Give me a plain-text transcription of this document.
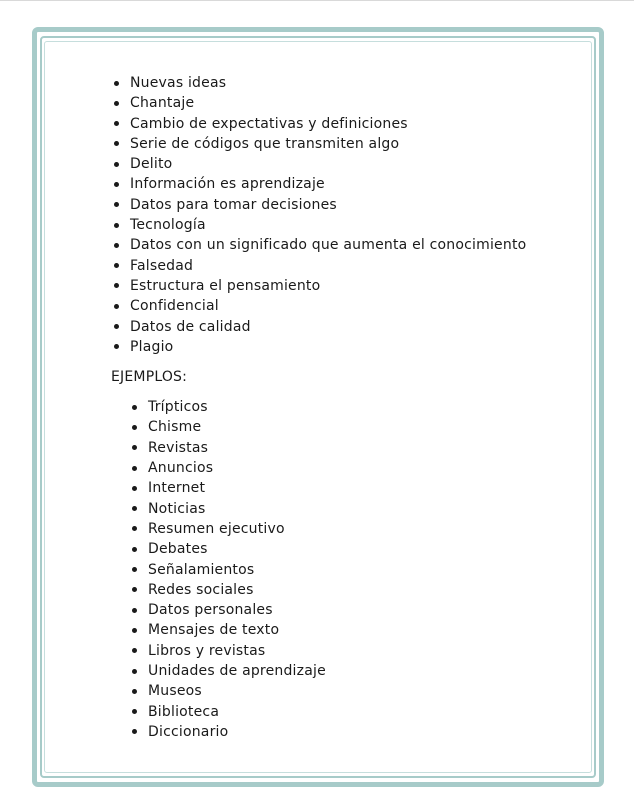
Nuevas ideas
Chantaje
Cambio de expectativas y definiciones
Serie de códigos que transmiten algo
Delito
Información es aprendizaje
Datos para tomar decisiones
Tecnología
Datos con un significado que aumenta el conocimiento
Falsedad
Estructura el pensamiento
Confidencial
Datos de calidad
Plagio
EJEMPLOS:
Trípticos
Chisme
Revistas
Anuncios
Internet
Noticias
Resumen ejecutivo
Debates
Señalamientos
Redes sociales
Datos personales
Mensajes de texto
Libros y revistas
Unidades de aprendizaje
Museos
Biblioteca
Diccionario
